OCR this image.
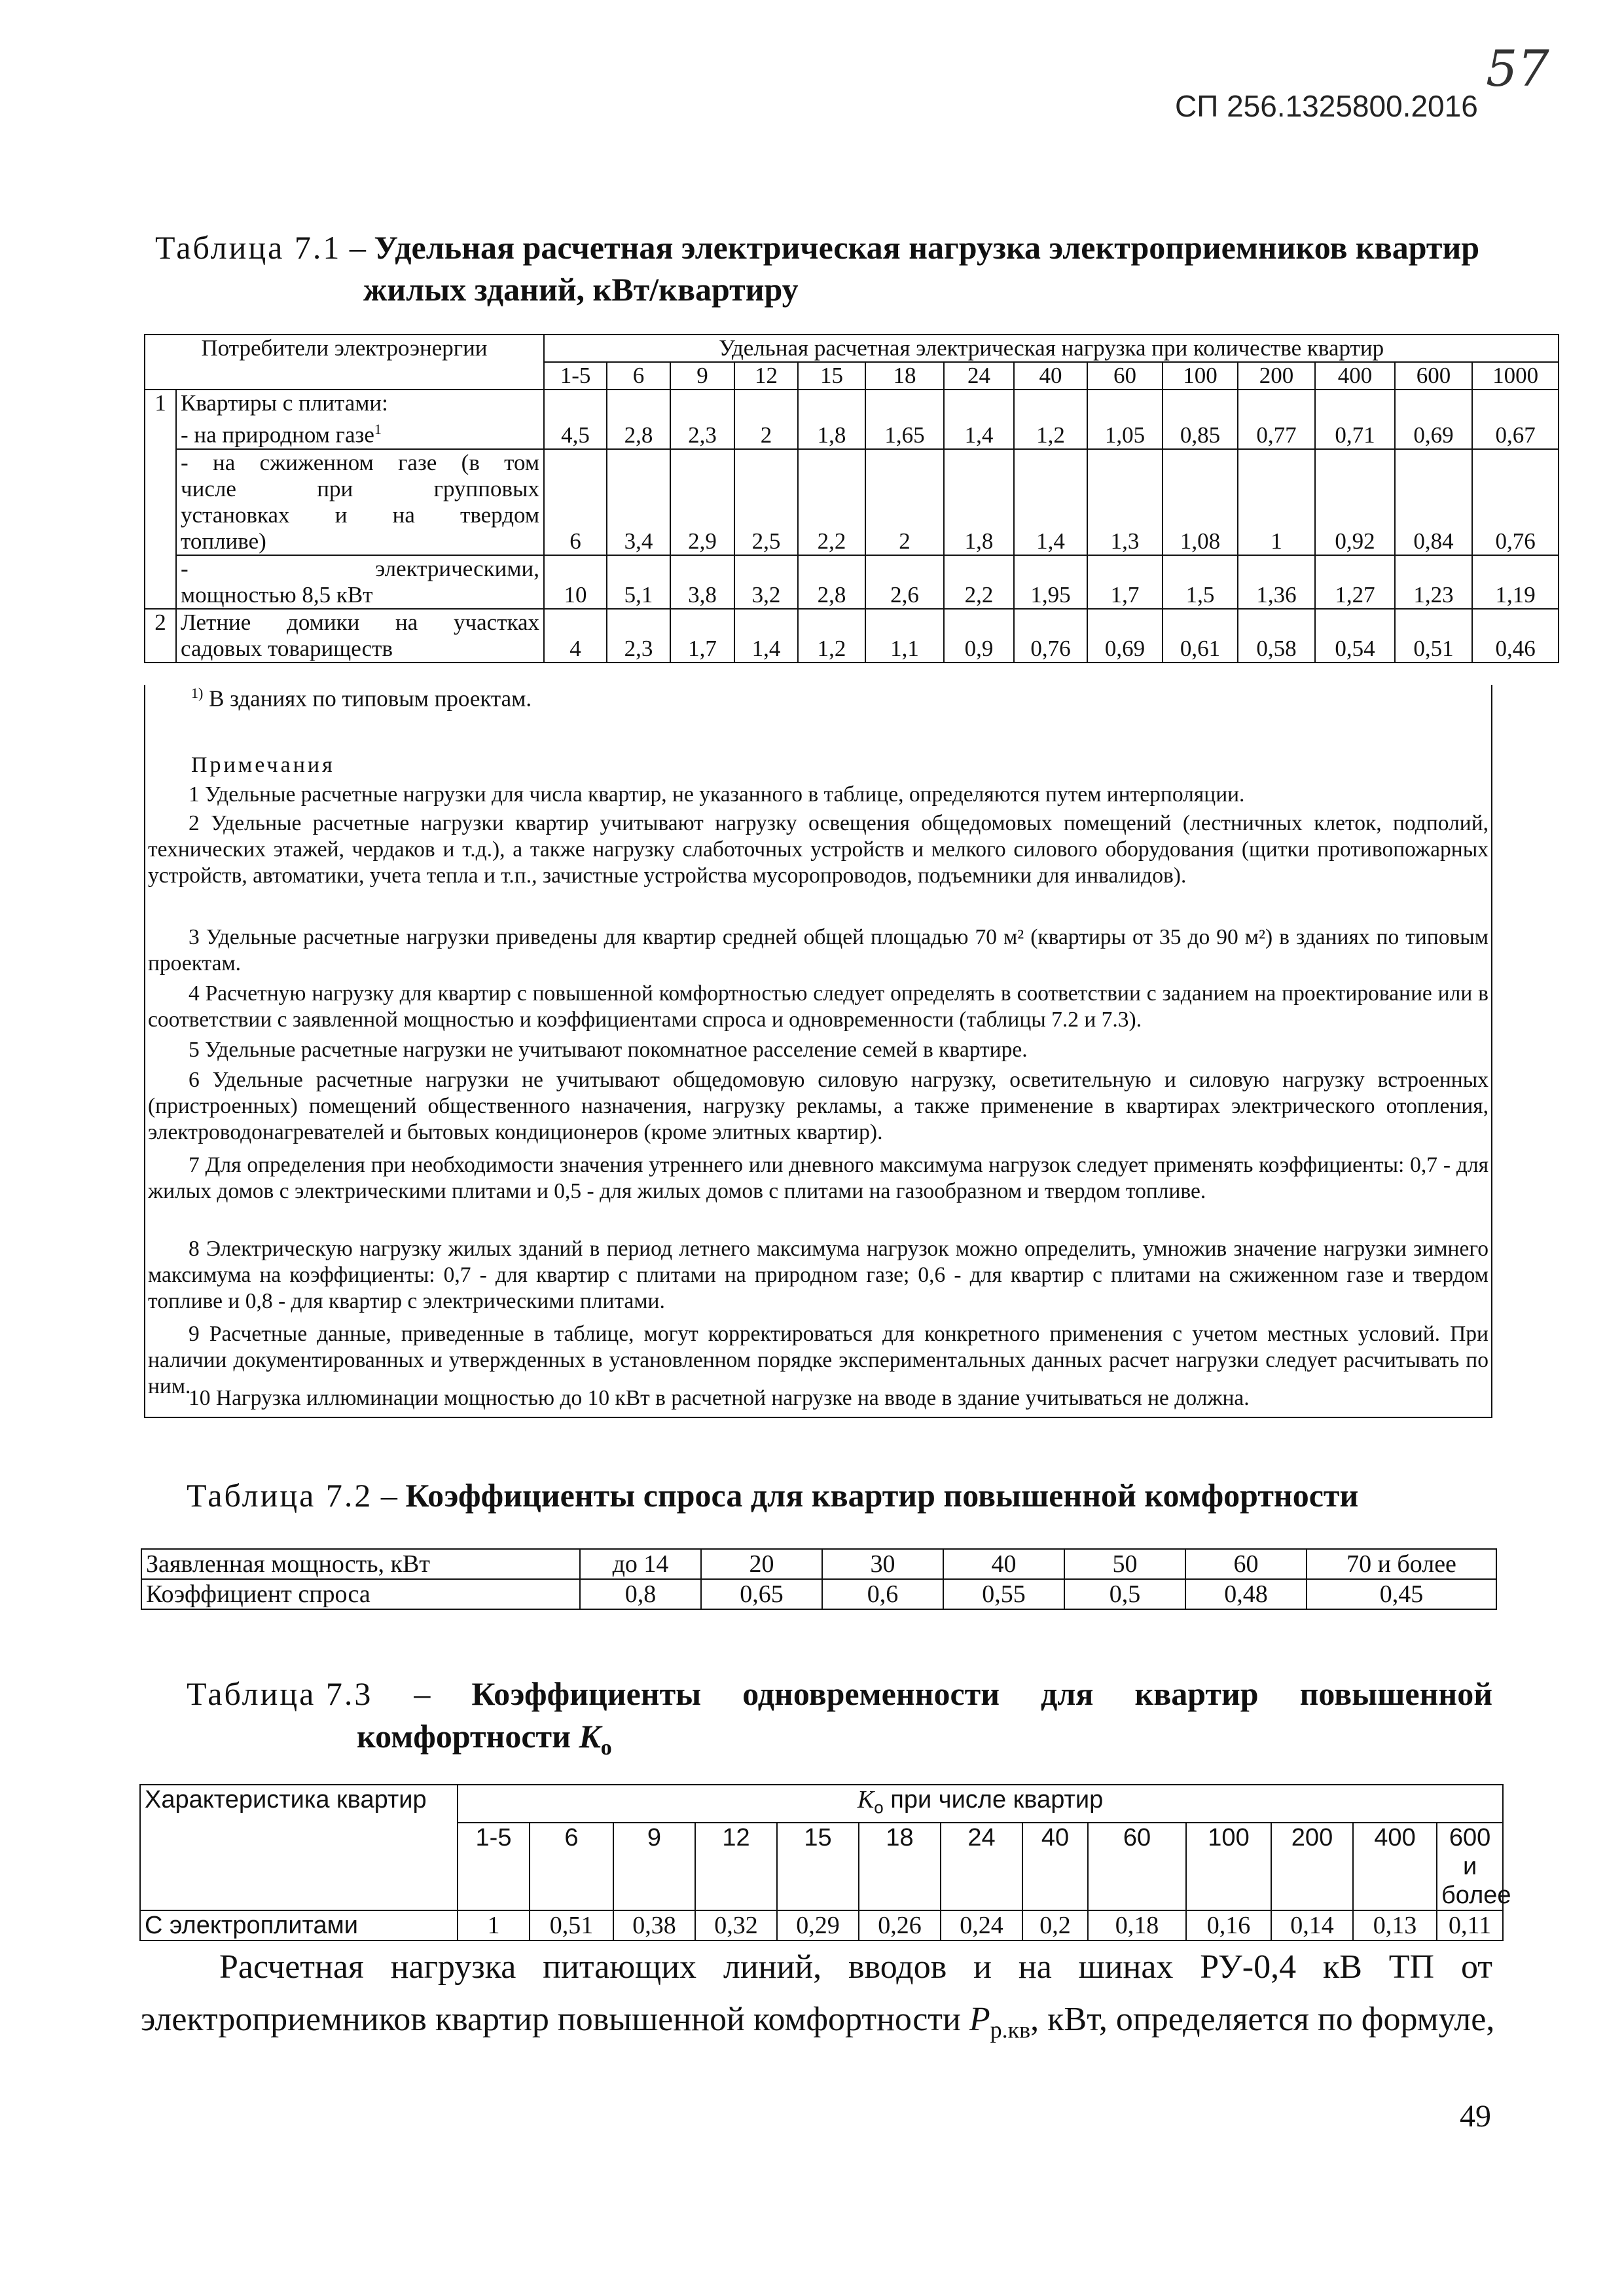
57
СП 256.1325800.2016
Таблица 7.1 – Удельная расчетная электрическая нагрузка электроприемников квартир
жилых зданий, кВт/квартиру
Потребители электроэнергии		Удельная расчетная электрическая нагрузка при количестве квартир													
		1-5	6	9	12	15	18	24	40	60	100	200	400	600	1000
1	Квартиры с плитами:
- на природном газе$^1$	4,5	2,8	2,3	2	1,8	1,65	1,4	1,2	1,05	0,85	0,77	0,71	0,69	0,67

	- на сжиженном газе (в том
числе при групповых
установках и на твердом
топливе)	6	3,4	2,9	2,5	2,2	2	1,8	1,4	1,3	1,08	1	0,92	0,84	0,76

	- электрическими,
мощностью 8,5 кВт	10	5,1	3,8	3,2	2,8	2,6	2,2	1,95	1,7	1,5	1,36	1,27	1,23	1,19
2	Летние домики на участках
садовых товариществ	4	2,3	1,7	1,4	1,2	1,1	0,9	0,76	0,69	0,61	0,58	0,54	0,51	0,46
$^{1)}$ В зданиях по типовым проектам.
Примечания
1 Удельные расчетные нагрузки для числа квартир, не указанного в таблице, определяются путем интерполяции.
2 Удельные расчетные нагрузки квартир учитывают нагрузку освещения общедомовых помещений (лестничных клеток, подполий, технических этажей, чердаков и т.д.), а также нагрузку слаботочных устройств и мелкого силового оборудования (щитки противопожарных устройств, автоматики, учета тепла и т.п., зачистные устройства мусоропроводов, подъемники для инвалидов).
3 Удельные расчетные нагрузки приведены для квартир средней общей площадью 70 м² (квартиры от 35 до 90 м²) в зданиях по типовым проектам.
4 Расчетную нагрузку для квартир с повышенной комфортностью следует определять в соответствии с заданием на проектирование или в соответствии с заявленной мощностью и коэффициентами спроса и одновременности (таблицы 7.2 и 7.3).
5 Удельные расчетные нагрузки не учитывают покомнатное расселение семей в квартире.
6 Удельные расчетные нагрузки не учитывают общедомовую силовую нагрузку, осветительную и силовую нагрузку встроенных (пристроенных) помещений общественного назначения, нагрузку рекламы, а также применение в квартирах электрического отопления, электроводонагревателей и бытовых кондиционеров (кроме элитных квартир).
7 Для определения при необходимости значения утреннего или дневного максимума нагрузок следует применять коэффициенты: 0,7 - для жилых домов с электрическими плитами и 0,5 - для жилых домов с плитами на газообразном и твердом топливе.
8 Электрическую нагрузку жилых зданий в период летнего максимума нагрузок можно определить, умножив значение нагрузки зимнего максимума на коэффициенты: 0,7 - для квартир с плитами на природном газе; 0,6 - для квартир с плитами на сжиженном газе и твердом топливе и 0,8 - для квартир с электрическими плитами.
9 Расчетные данные, приведенные в таблице, могут корректироваться для конкретного применения с учетом местных условий. При наличии документированных и утвержденных в установленном порядке экспериментальных данных расчет нагрузки следует расчитывать по ним.
10 Нагрузка иллюминации мощностью до 10 кВт в расчетной нагрузке на вводе в здание учитываться не должна.
Таблица 7.2 – Коэффициенты спроса для квартир повышенной комфортности
Заявленная мощность, кВт	до 14	20	30	40	50	60	70 и более
Коэффициент спроса	0,8	0,65	0,6	0,55	0,5	0,48	0,45
Таблица 7.3 – Коэффициенты одновременности для квартир повышенной
комфортности $K_о$
Характеристика квартир	$K_о$ при числе квартир												
	1-5	6	9	12	15	18	24	40	60	100	200	400	600 и
более

С электроплитами	1	0,51	0,38	0,32	0,29	0,26	0,24	0,2	0,18	0,16	0,14	0,13	0,11
Расчетная нагрузка питающих линий, вводов и на шинах РУ-0,4 кВ ТП от
электроприемников квартир повышенной комфортности $P_{р.кв}$, кВт, определяется по формуле,
49
